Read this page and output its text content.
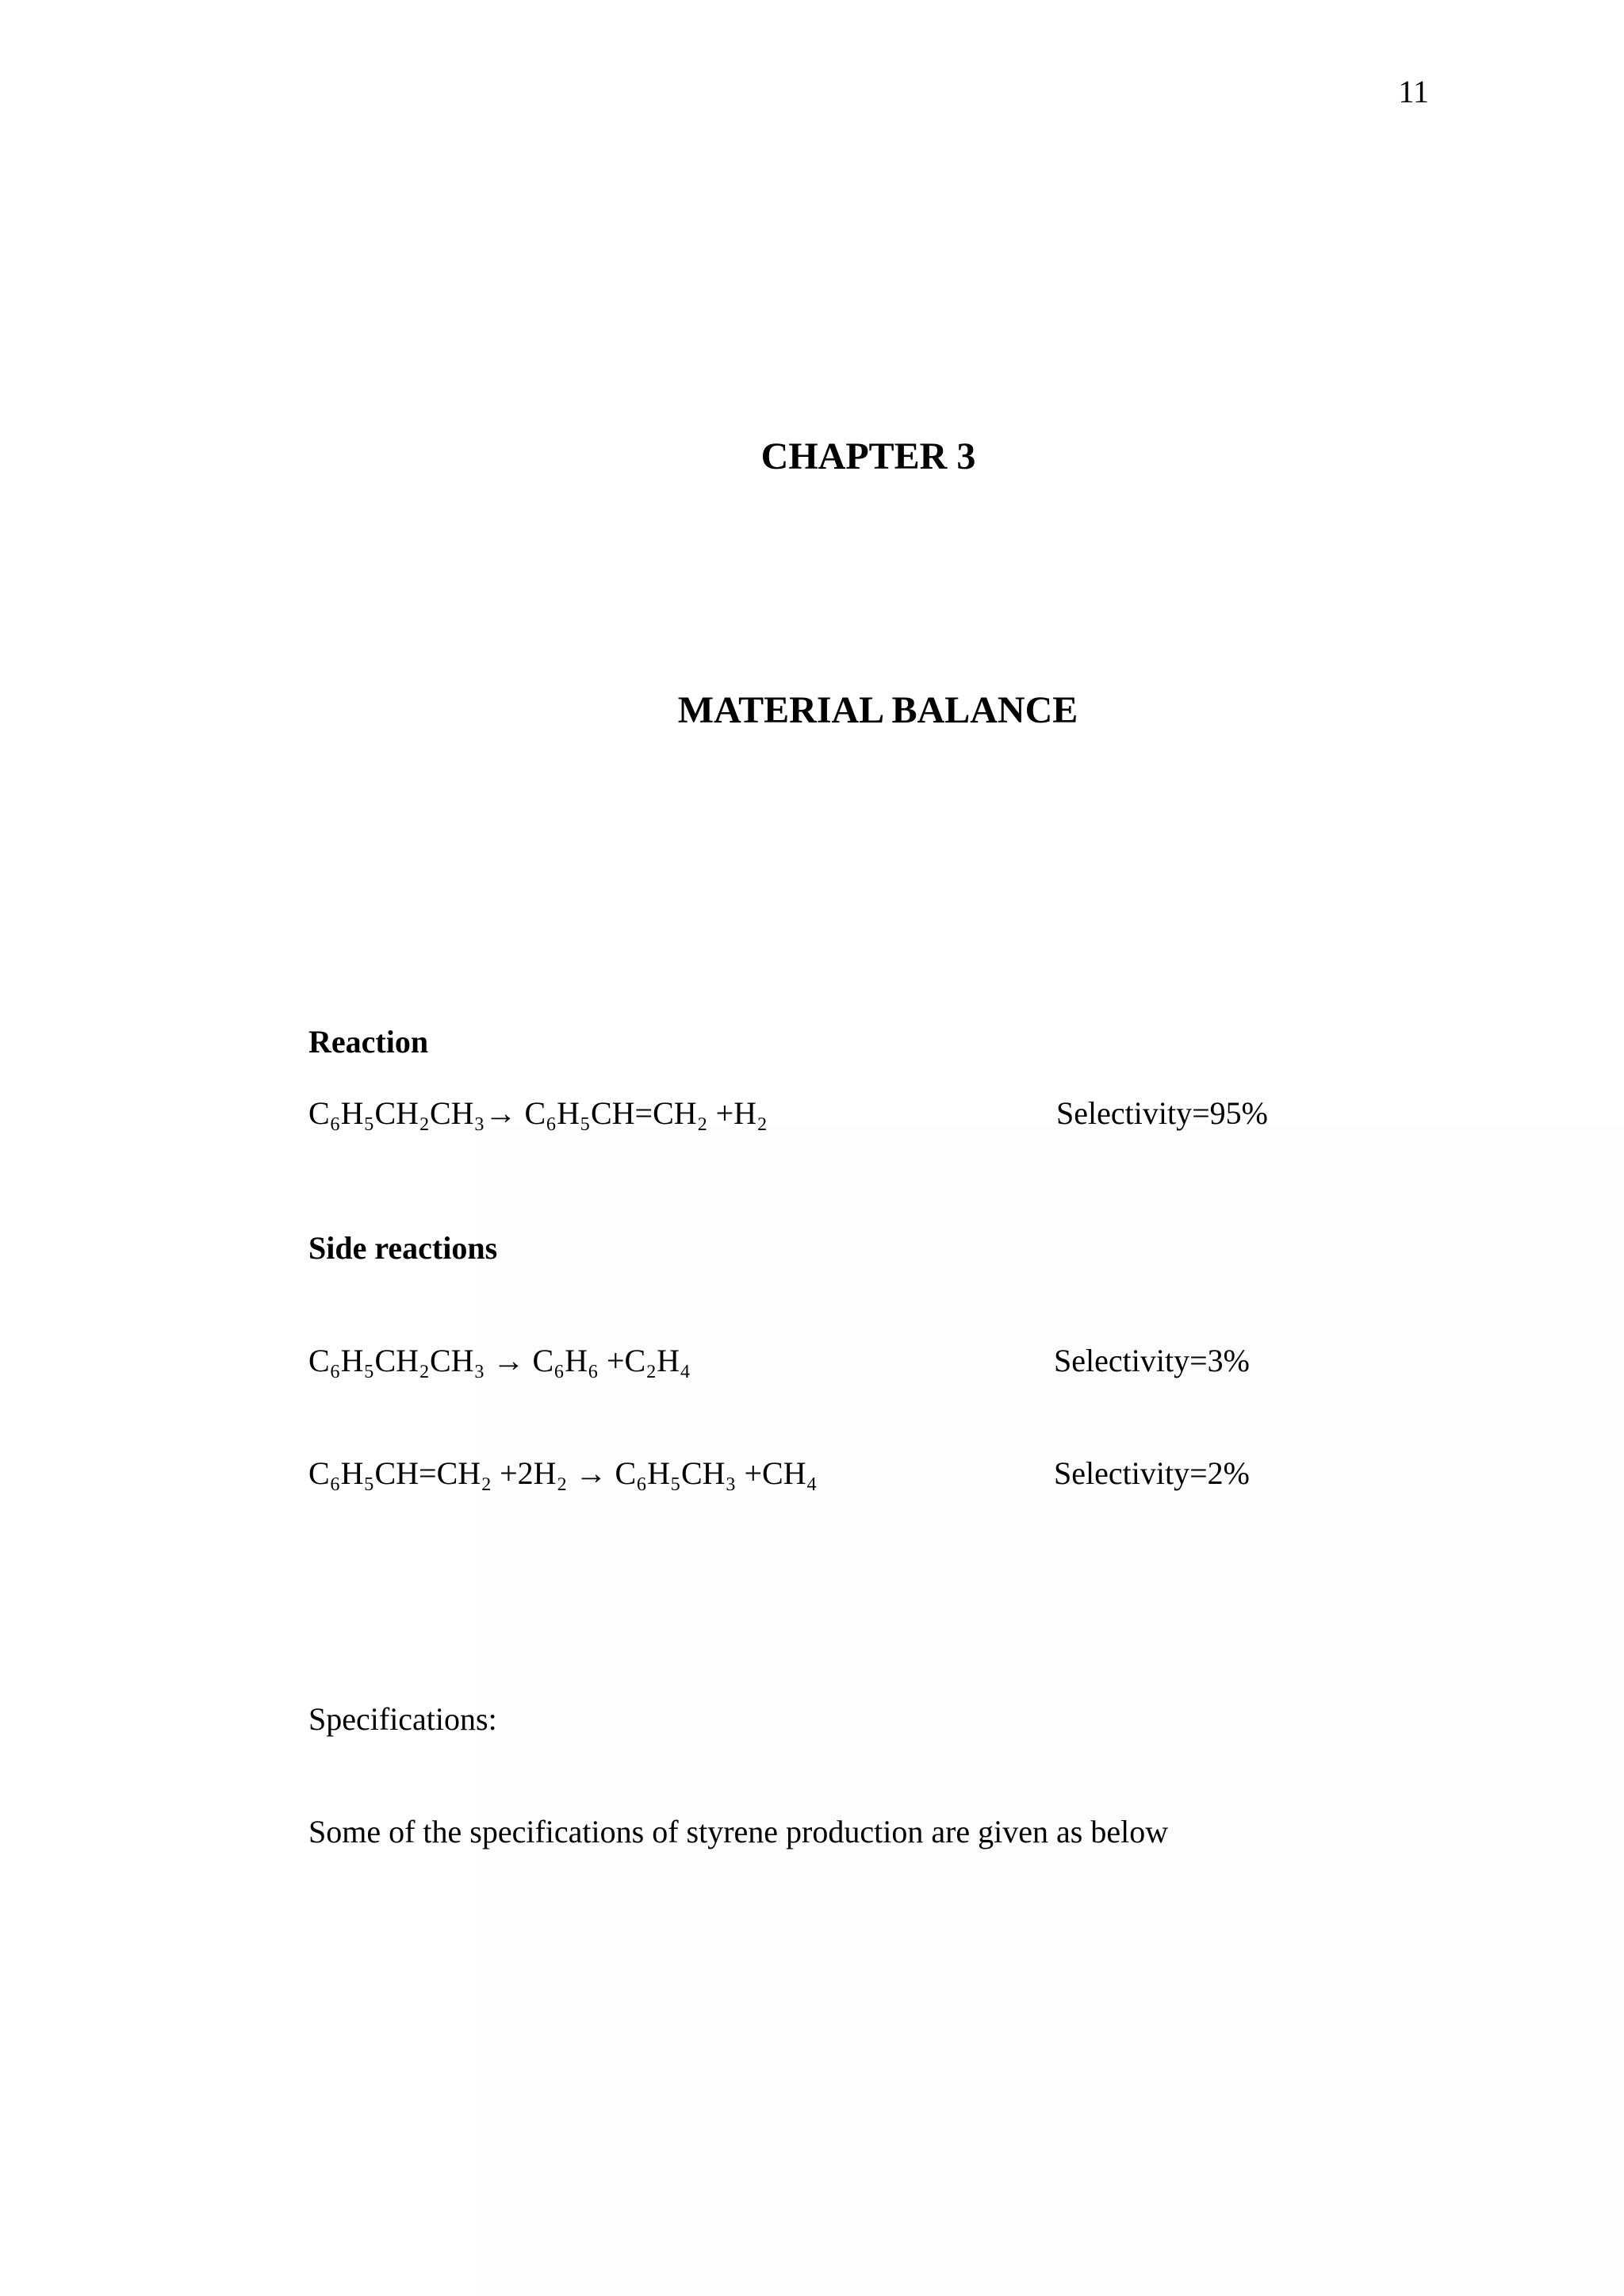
11
CHAPTER 3
MATERIAL BALANCE
Reaction
C₆H₅CH₂CH₃→ C₆H₅CH=CH₂ +H₂	Selectivity=95%
Side reactions
C₆H₅CH₂CH₃ → C₆H₆ +C₂H₄	Selectivity=3%
C₆H₅CH=CH₂ +2H₂ → C₆H₅CH₃ +CH₄	Selectivity=2%
Specifications:
Some of the specifications of styrene production are given as below
